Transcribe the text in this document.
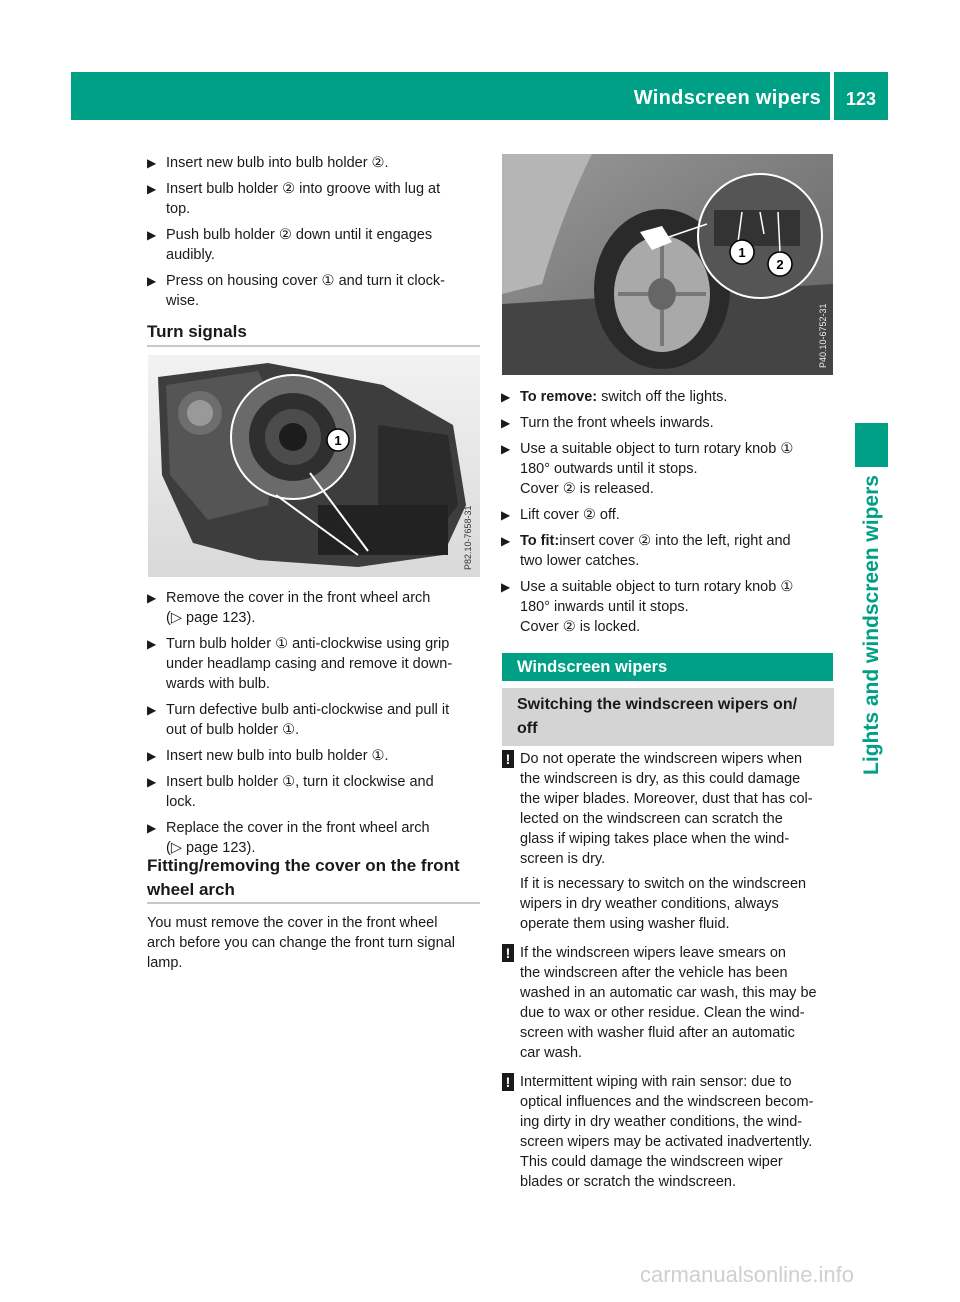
Windscreen wipers	123
Lights and windscreen wipers
▶ Insert new bulb into bulb holder ②.
▶ Insert bulb holder ② into groove with lug at
top.
▶ Push bulb holder ② down until it engages
audibly.
▶ Press on housing cover ① and turn it clock-
wise.
Turn signals
1
P82.10-7658-31
▶ Remove the cover in the front wheel arch
(▷ page 123).
▶ Turn bulb holder ① anti-clockwise using grip
under headlamp casing and remove it down-
wards with bulb.
▶ Turn defective bulb anti-clockwise and pull it
out of bulb holder ①.
▶ Insert new bulb into bulb holder ①.
▶ Insert bulb holder ①, turn it clockwise and
lock.
▶ Replace the cover in the front wheel arch
(▷ page 123).
Fitting/removing the cover on the front
wheel arch
You must remove the cover in the front wheel
arch before you can change the front turn signal
lamp.
1
2
P40.10-6752-31
▶ To remove: switch off the lights.
▶ Turn the front wheels inwards.
▶ Use a suitable object to turn rotary knob ①
180° outwards until it stops.
Cover ② is released.
▶ Lift cover ② off.
▶ To fit:insert cover ② into the left, right and
two lower catches.
▶ Use a suitable object to turn rotary knob ①
180° inwards until it stops.
Cover ② is locked.
Windscreen wipers
Switching the windscreen wipers on/
off
! Do not operate the windscreen wipers when
the windscreen is dry, as this could damage
the wiper blades. Moreover, dust that has col-
lected on the windscreen can scratch the
glass if wiping takes place when the wind-
screen is dry.
If it is necessary to switch on the windscreen
wipers in dry weather conditions, always
operate them using washer fluid.
! If the windscreen wipers leave smears on
the windscreen after the vehicle has been
washed in an automatic car wash, this may be
due to wax or other residue. Clean the wind-
screen with washer fluid after an automatic
car wash.
! Intermittent wiping with rain sensor: due to
optical influences and the windscreen becom-
ing dirty in dry weather conditions, the wind-
screen wipers may be activated inadvertently.
This could damage the windscreen wiper
blades or scratch the windscreen.
carmanualsonline.info
